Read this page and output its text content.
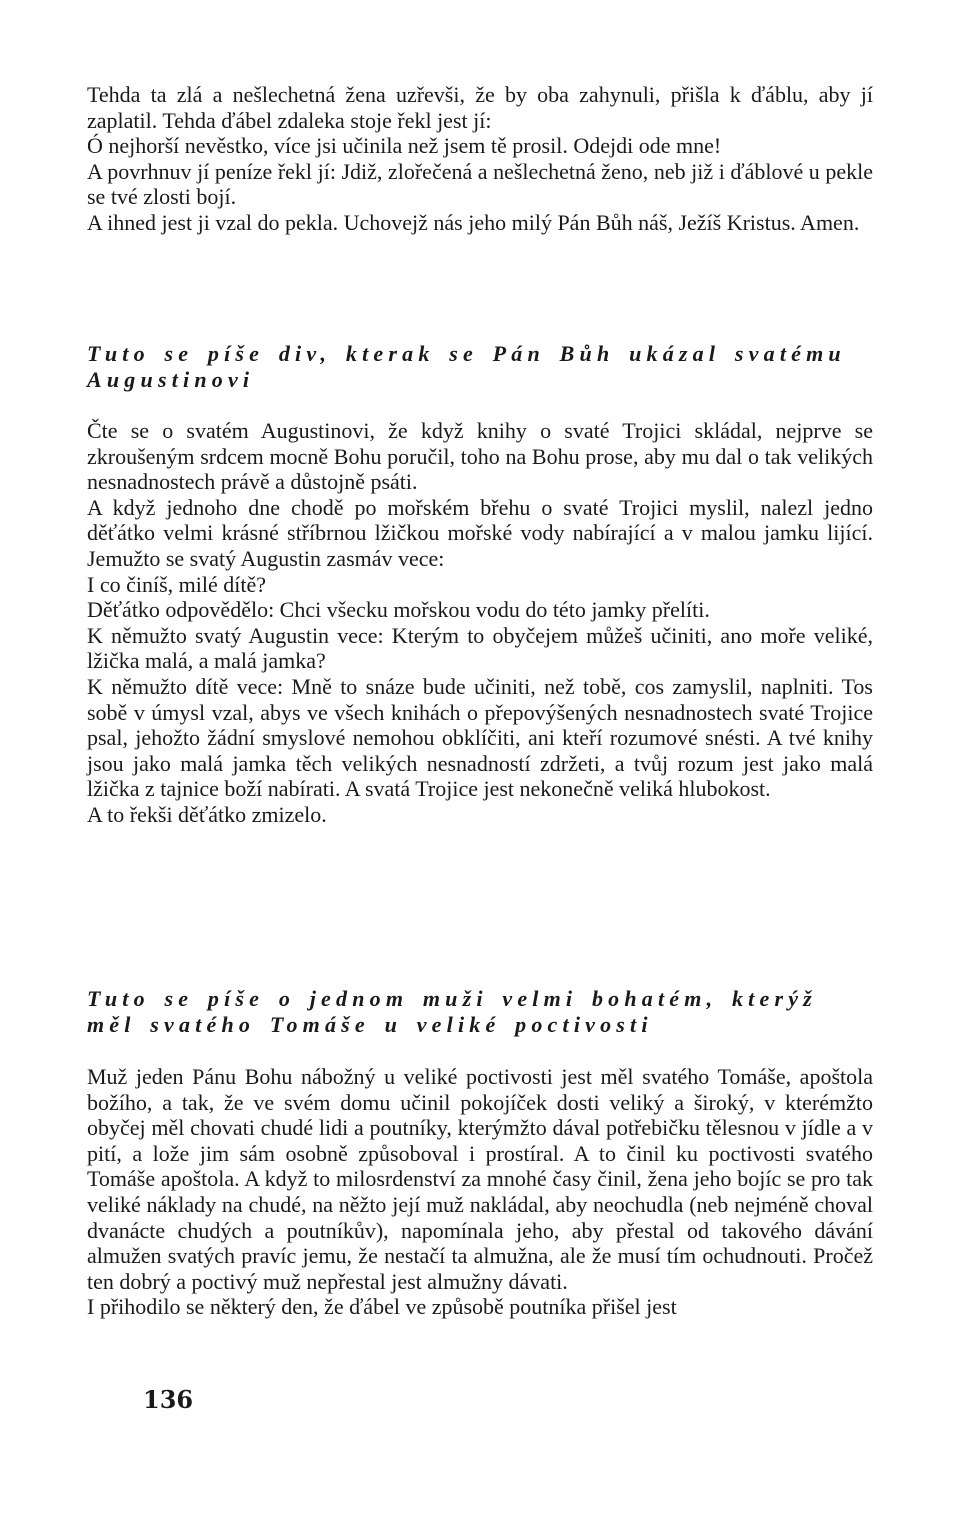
Tehda ta zlá a nešlechetná žena uzřevši, že by oba zahynuli, přišla k ďáblu, aby jí zaplatil. Tehda ďábel zdaleka stoje řekl jest jí:

Ó nejhorší nevěstko, více jsi učinila než jsem tě prosil. Odejdi ode mne!

A povrhnuv jí peníze řekl jí: Jdiž, zlořečená a nešlechetná ženo, neb již i ďáblové u pekle se tvé zlosti bojí.

A ihned jest ji vzal do pekla. Uchovejž nás jeho milý Pán Bůh náš, Ježíš Kristus. Amen.

Tuto se píše div, kterak se Pán Bůh ukázal svatému Augustinovi

Čte se o svatém Augustinovi, že když knihy o svaté Trojici skládal, nejprve se zkroušeným srdcem mocně Bohu poručil, toho na Bohu prose, aby mu dal o tak velikých nesnadnostech právě a důstojně psáti.

A když jednoho dne chodě po mořském břehu o svaté Trojici myslil, nalezl jedno děťátko velmi krásné stříbrnou lžičkou mořské vody nabírající a v malou jamku lijící. Jemužto se svatý Augustin zasmáv vece:

I co činíš, milé dítě?

Děťátko odpovědělo: Chci všecku mořskou vodu do této jamky přelíti.

K němužto svatý Augustin vece: Kterým to obyčejem můžeš učiniti, ano moře veliké, lžička malá, a malá jamka?

K němužto dítě vece: Mně to snáze bude učiniti, než tobě, cos zamyslil, naplniti. Tos sobě v úmysl vzal, abys ve všech knihách o přepovýšených nesnadnostech svaté Trojice psal, jehožto žádní smyslové nemohou obklíčiti, ani kteří rozumové snésti. A tvé knihy jsou jako malá jamka těch velikých nesnadností zdržeti, a tvůj rozum jest jako malá lžička z tajnice boží nabírati. A svatá Trojice jest nekonečně veliká hlubokost.

A to řekši děťátko zmizelo.

Tuto se píše o jednom muži velmi bohatém, kterýž měl svatého Tomáše u veliké poctivosti

Muž jeden Pánu Bohu nábožný u veliké poctivosti jest měl svatého Tomáše, apoštola božího, a tak, že ve svém domu učinil pokojíček dosti veliký a široký, v kterémžto obyčej měl chovati chudé lidi a poutníky, kterýmžto dával potřebičku tělesnou v jídle a v pití, a lože jim sám osobně způsoboval i prostíral. A to činil ku poctivosti svatého Tomáše apoštola. A když to milosrdenství za mnohé časy činil, žena jeho bojíc se pro tak veliké náklady na chudé, na něžto její muž nakládal, aby neochudla (neb nejméně choval dvanácte chudých a poutníkův), napomínala jeho, aby přestal od takového dávání almužen svatých pravíc jemu, že nestačí ta almužna, ale že musí tím ochudnouti. Pročež ten dobrý a poctivý muž nepřestal jest almužny dávati.

I přihodilo se některý den, že ďábel ve způsobě poutníka přišel jest

136
